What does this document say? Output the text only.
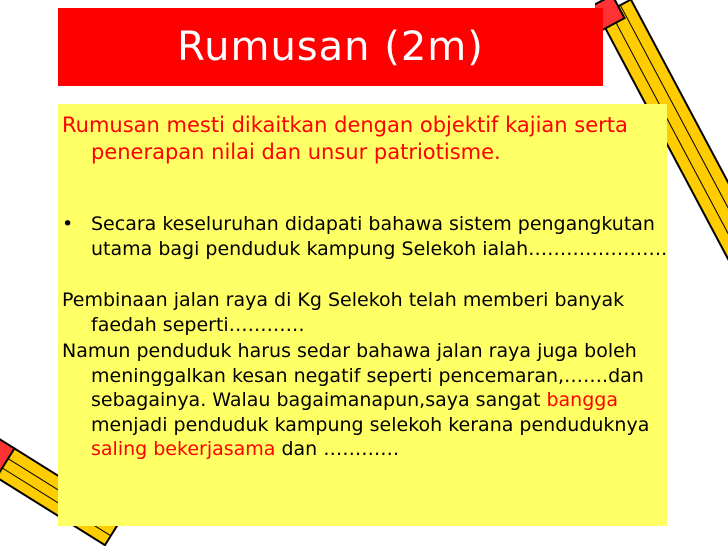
Rumusan (2m)

Rumusan mesti dikaitkan dengan objektif kajian serta penerapan nilai dan unsur patriotisme.

• Secara keseluruhan didapati bahawa sistem pengangkutan utama bagi penduduk kampung Selekoh ialah………………….

Pembinaan jalan raya di Kg Selekoh telah memberi banyak faedah seperti…………

Namun penduduk harus sedar bahawa jalan raya juga boleh meninggalkan kesan negatif seperti pencemaran,…….dan sebagainya. Walau bagaimanapun,saya sangat bangga menjadi penduduk kampung selekoh kerana penduduknya saling bekerjasama dan …………
